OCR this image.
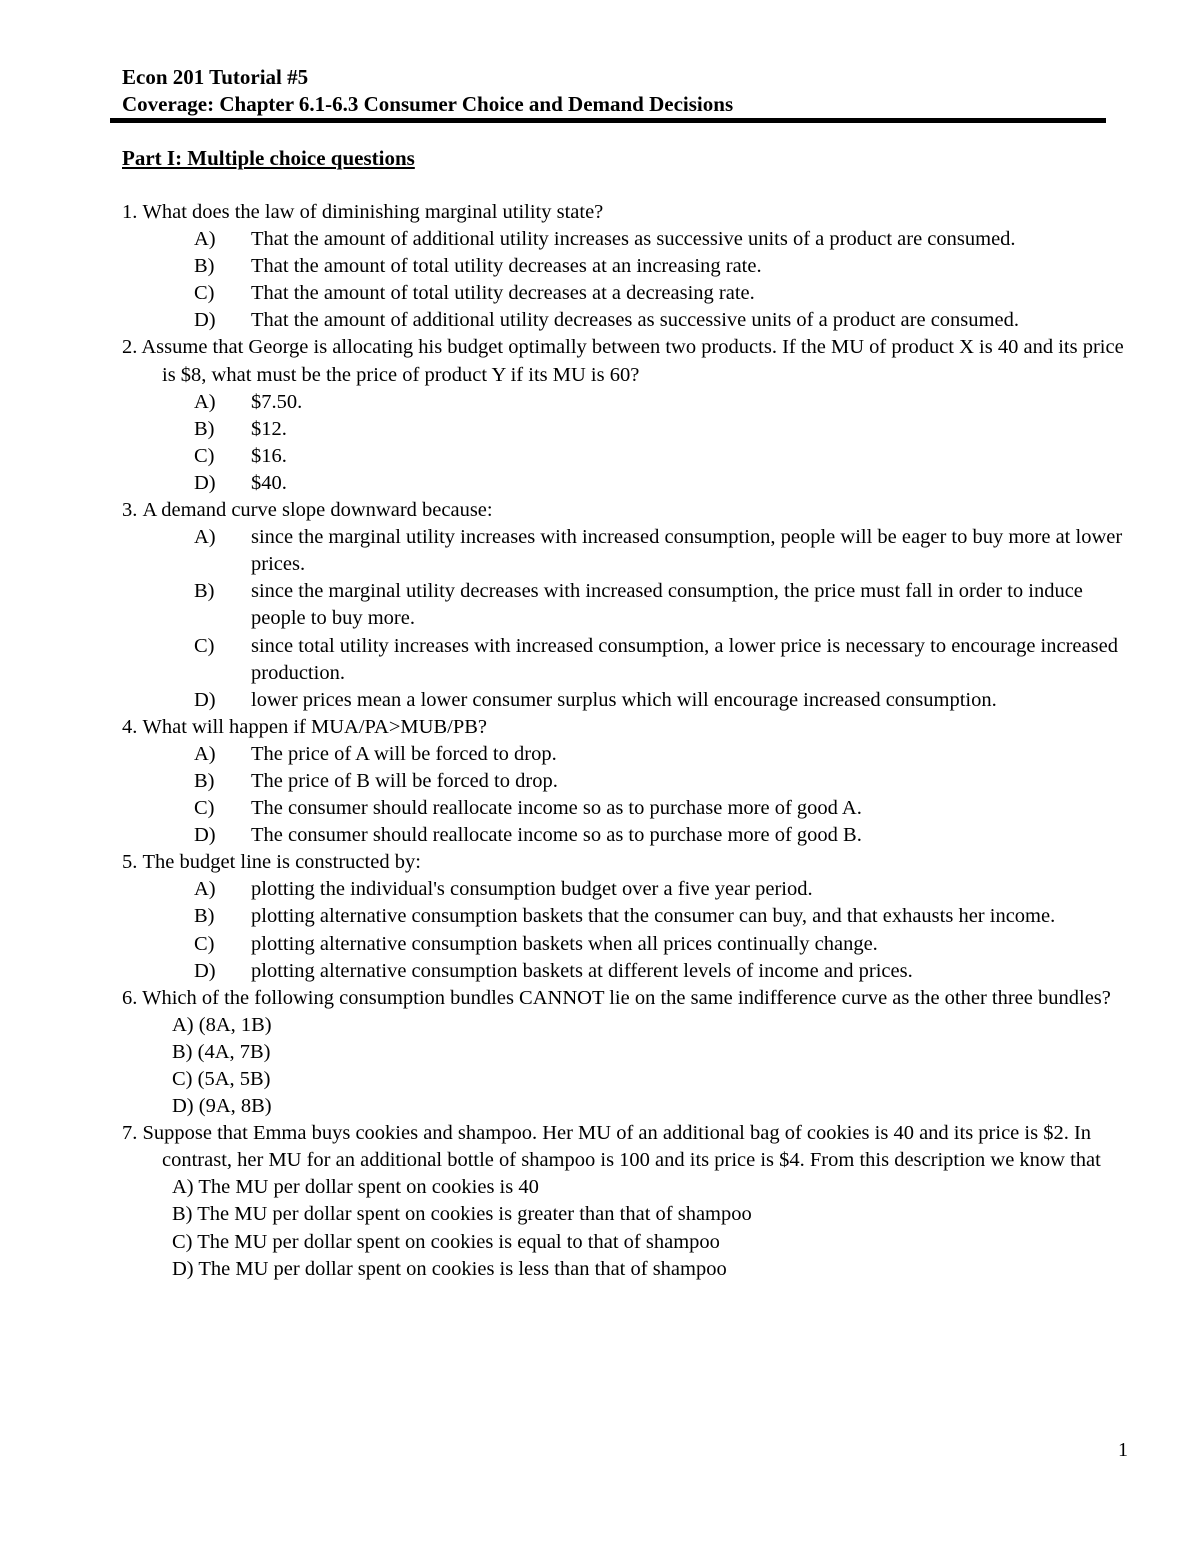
Econ 201 Tutorial #5
Coverage: Chapter 6.1-6.3 Consumer Choice and Demand Decisions
Part I: Multiple choice questions
1. What does the law of diminishing marginal utility state?
A)	That the amount of additional utility increases as successive units of a product are consumed.
B)	That the amount of total utility decreases at an increasing rate.
C)	That the amount of total utility decreases at a decreasing rate.
D)	That the amount of additional utility decreases as successive units of a product are consumed.
2. Assume that George is allocating his budget optimally between two products. If the MU of product X is 40 and its price is $8, what must be the price of product Y if its MU is 60?
A)	$7.50.
B)	$12.
C)	$16.
D)	$40.
3. A demand curve slope downward because:
A)	since the marginal utility increases with increased consumption, people will be eager to buy more at lower prices.
B)	since the marginal utility decreases with increased consumption, the price must fall in order to induce people to buy more.
C)	since total utility increases with increased consumption, a lower price is necessary to encourage increased production.
D)	lower prices mean a lower consumer surplus which will encourage increased consumption.
4. What will happen if MUA/PA>MUB/PB?
A)	The price of A will be forced to drop.
B)	The price of B will be forced to drop.
C)	The consumer should reallocate income so as to purchase more of good A.
D)	The consumer should reallocate income so as to purchase more of good B.
5. The budget line is constructed by:
A)	plotting the individual's consumption budget over a five year period.
B)	plotting alternative consumption baskets that the consumer can buy, and that exhausts her income.
C)	plotting alternative consumption baskets when all prices continually change.
D)	plotting alternative consumption baskets at different levels of income and prices.
6. Which of the following consumption bundles CANNOT lie on the same indifference curve as the other three bundles?
A) (8A, 1B)
B) (4A, 7B)
C) (5A, 5B)
D) (9A, 8B)
7. Suppose that Emma buys cookies and shampoo. Her MU of an additional bag of cookies is 40 and its price is $2. In contrast, her MU for an additional bottle of shampoo is 100 and its price is $4. From this description we know that
A) The MU per dollar spent on cookies is 40
B) The MU per dollar spent on cookies is greater than that of shampoo
C) The MU per dollar spent on cookies is equal to that of shampoo
D) The MU per dollar spent on cookies is less than that of shampoo
1
